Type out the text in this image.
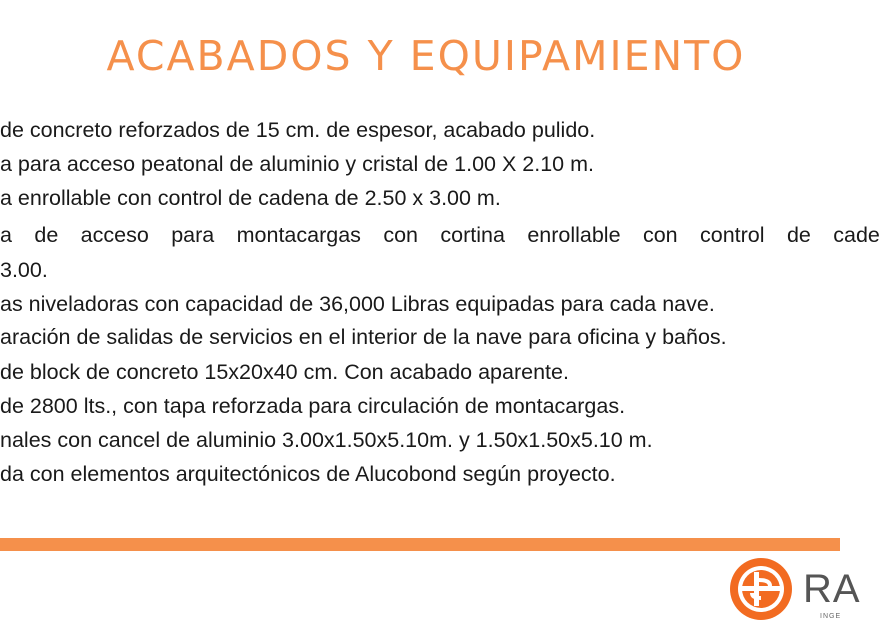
ACABADOS Y EQUIPAMIENTO
de concreto reforzados de 15 cm. de espesor, acabado pulido.
a para acceso peatonal de aluminio y cristal de 1.00 X 2.10 m.
a enrollable con control de cadena de 2.50 x 3.00 m.
a de acceso para montacargas con cortina enrollable con control de cade
3.00.
as niveladoras con capacidad de 36,000 Libras equipadas para cada nave.
aración de salidas de servicios en el interior de la nave para oficina y baños.
de block de concreto 15x20x40 cm. Con acabado aparente.
de 2800 lts., con tapa reforzada para circulación de montacargas.
nales con cancel de aluminio 3.00x1.50x5.10m. y 1.50x1.50x5.10 m.
da con elementos arquitectónicos de Alucobond según proyecto.
RA
INGE
